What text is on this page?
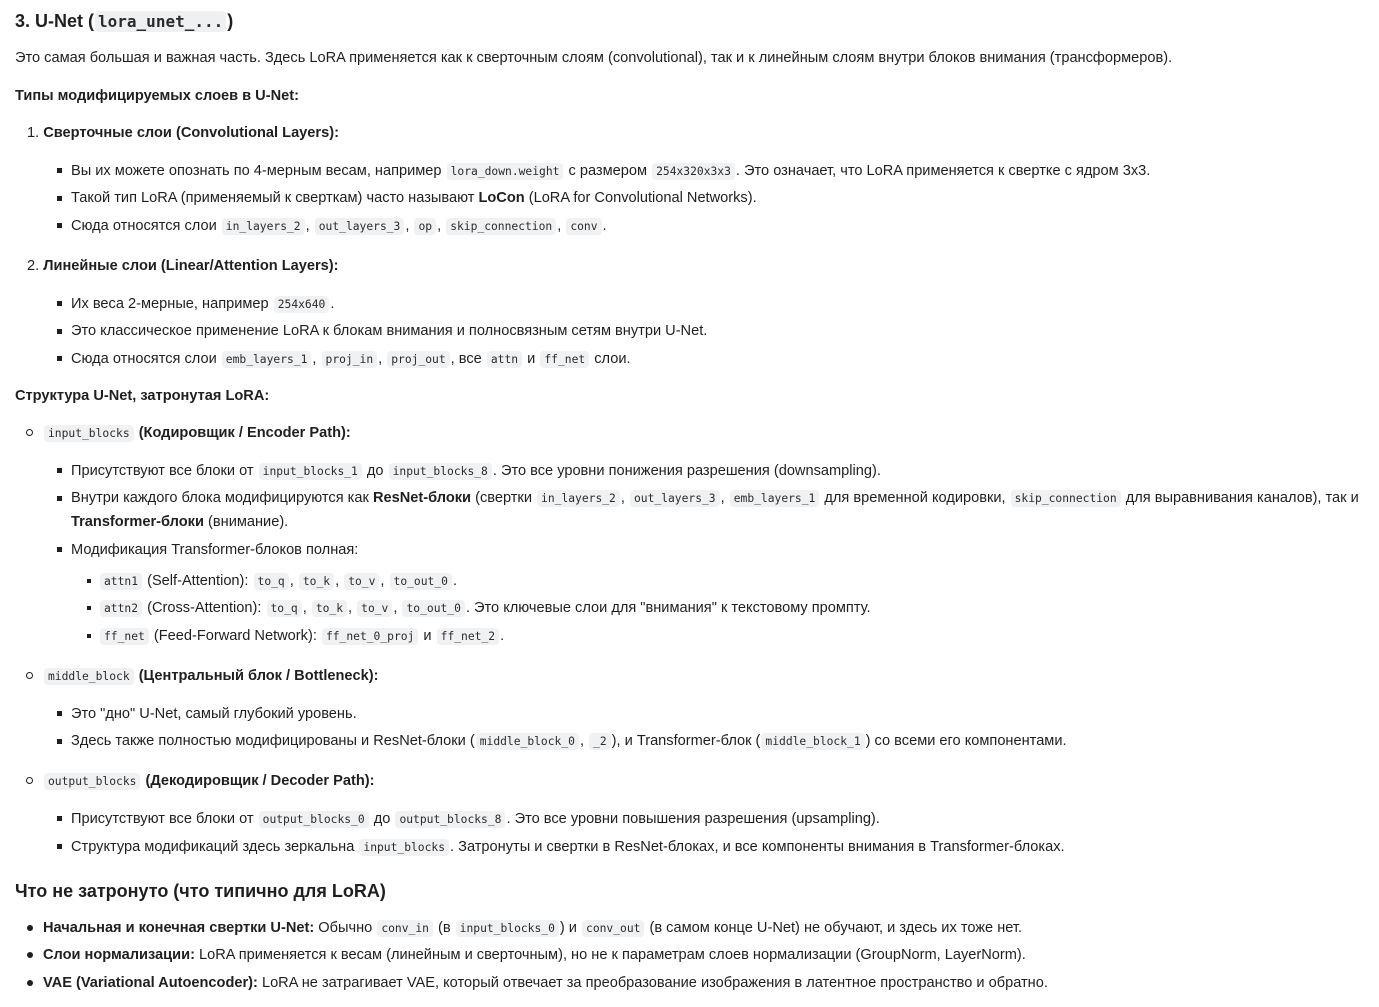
3. U-Net ( lora_unet_... )
Это самая большая и важная часть. Здесь LoRA применяется как к сверточным слоям (convolutional), так и к линейным слоям внутри блоков внимания (трансформеров).
Типы модифицируемых слоев в U-Net:
1. Сверточные слои (Convolutional Layers):
Вы их можете опознать по 4-мерным весам, например lora_down.weight с размером 254x320x3x3 . Это означает, что LoRA применяется к свертке с ядром 3x3.
Такой тип LoRA (применяемый к сверткам) часто называют LoCon (LoRA for Convolutional Networks).
Сюда относятся слои in_layers_2 , out_layers_3 , op , skip_connection , conv .
2. Линейные слои (Linear/Attention Layers):
Их веса 2-мерные, например 254x640 .
Это классическое применение LoRA к блокам внимания и полносвязным сетям внутри U-Net.
Сюда относятся слои emb_layers_1 , proj_in , proj_out , все attn и ff_net слои.
Структура U-Net, затронутая LoRA:
input_blocks (Кодировщик / Encoder Path):
Присутствуют все блоки от input_blocks_1 до input_blocks_8 . Это все уровни понижения разрешения (downsampling).
Внутри каждого блока модифицируются как ResNet-блоки (свертки in_layers_2 , out_layers_3 , emb_layers_1 для временной кодировки, skip_connection для выравнивания каналов), так и
Transformer-блоки (внимание).
Модификация Transformer-блоков полная:
attn1 (Self-Attention): to_q , to_k , to_v , to_out_0 .
attn2 (Cross-Attention): to_q , to_k , to_v , to_out_0 . Это ключевые слои для "внимания" к текстовому промпту.
ff_net (Feed-Forward Network): ff_net_0_proj и ff_net_2 .
middle_block (Центральный блок / Bottleneck):
Это "дно" U-Net, самый глубокий уровень.
Здесь также полностью модифицированы и ResNet-блоки ( middle_block_0 , _2 ), и Transformer-блок ( middle_block_1 ) со всеми его компонентами.
output_blocks (Декодировщик / Decoder Path):
Присутствуют все блоки от output_blocks_0 до output_blocks_8 . Это все уровни повышения разрешения (upsampling).
Структура модификаций здесь зеркальна input_blocks . Затронуты и свертки в ResNet-блоках, и все компоненты внимания в Transformer-блоках.
Что не затронуто (что типично для LoRA)
Начальная и конечная свертки U-Net: Обычно conv_in (в input_blocks_0 ) и conv_out (в самом конце U-Net) не обучают, и здесь их тоже нет.
Слои нормализации: LoRA применяется к весам (линейным и сверточным), но не к параметрам слоев нормализации (GroupNorm, LayerNorm).
VAE (Variational Autoencoder): LoRA не затрагивает VAE, который отвечает за преобразование изображения в латентное пространство и обратно.
